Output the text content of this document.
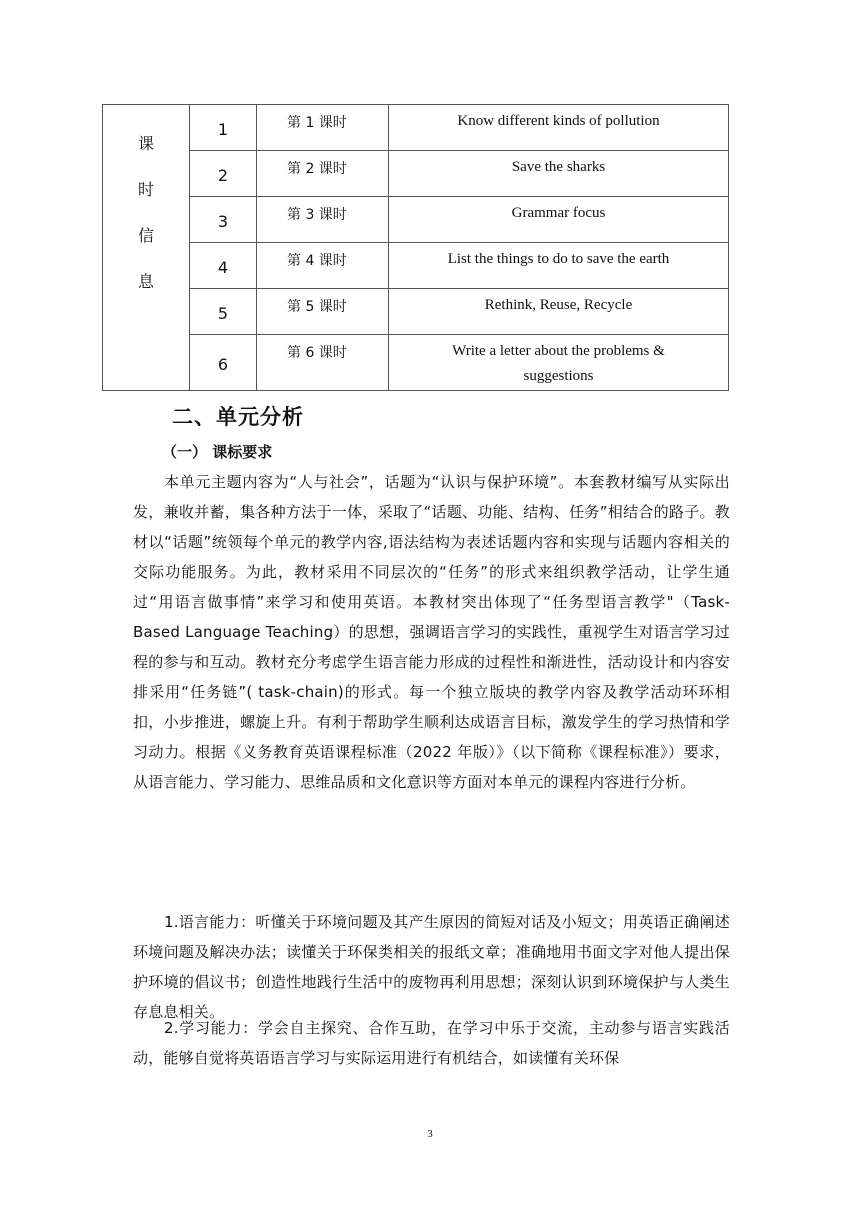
课
时
信
息	1	第 1 课时	Know different kinds of pollution
	2	第 2 课时	Save the sharks
	3	第 3 课时	Grammar focus
	4	第 4 课时	List the things to do to save the earth
	5	第 5 课时	Rethink, Reuse, Recycle
	6	第 6 课时	Write a letter about the problems & suggestions
二、单元分析
（一） 课标要求

本单元主题内容为“人与社会”，话题为“认识与保护环境”。本套教材编写从实际出发，兼收并蓄，集各种方法于一体，采取了“话题、功能、结构、任务”相结合的路子。教材以“话题”统领每个单元的教学内容,语法结构为表述话题内容和实现与话题内容相关的交际功能服务。为此，教材采用不同层次的“任务”的形式来组织教学活动，让学生通过“用语言做事情”来学习和使用英语。本教材突出体现了“任务型语言教学"（Task-Based Language Teaching）的思想，强调语言学习的实践性，重视学生对语言学习过程的参与和互动。教材充分考虑学生语言能力形成的过程性和渐进性，活动设计和内容安排采用“任务链”( task-chain)的形式。每一个独立版块的教学内容及教学活动环环相扣，小步推进，螺旋上升。有利于帮助学生顺利达成语言目标，激发学生的学习热情和学习动力。根据《义务教育英语课程标准（2022 年版）》（以下简称《课程标准》）要求，从语言能力、学习能力、思维品质和文化意识等方面对本单元的课程内容进行分析。

1.语言能力：听懂关于环境问题及其产生原因的简短对话及小短文；用英语正确阐述环境问题及解决办法；读懂关于环保类相关的报纸文章；准确地用书面文字对他人提出保护环境的倡议书；创造性地践行生活中的废物再利用思想；深刻认识到环境保护与人类生存息息相关。

2.学习能力：学会自主探究、合作互助，在学习中乐于交流，主动参与语言实践活动，能够自觉将英语语言学习与实际运用进行有机结合，如读懂有关环保

3
